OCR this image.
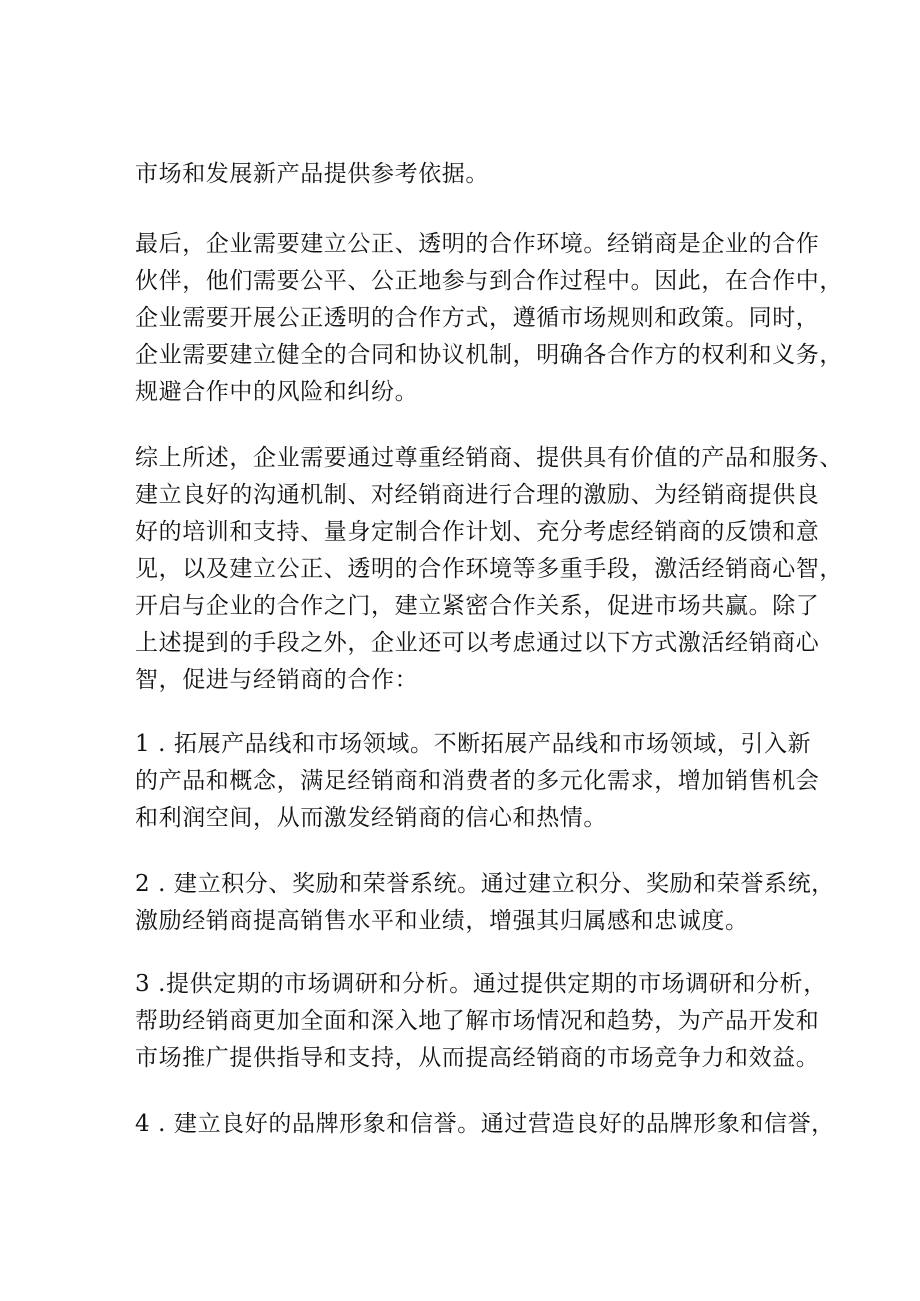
市场和发展新产品提供参考依据。
最后，企业需要建立公正、透明的合作环境。经销商是企业的合作
伙伴，他们需要公平、公正地参与到合作过程中。因此，在合作中，
企业需要开展公正透明的合作方式，遵循市场规则和政策。同时，
企业需要建立健全的合同和协议机制，明确各合作方的权利和义务，
规避合作中的风险和纠纷。
综上所述，企业需要通过尊重经销商、提供具有价值的产品和服务、
建立良好的沟通机制、对经销商进行合理的激励、为经销商提供良
好的培训和支持、量身定制合作计划、充分考虑经销商的反馈和意
见，以及建立公正、透明的合作环境等多重手段，激活经销商心智，
开启与企业的合作之门，建立紧密合作关系，促进市场共赢。除了
上述提到的手段之外，企业还可以考虑通过以下方式激活经销商心
智，促进与经销商的合作：
1 . 拓展产品线和市场领域。不断拓展产品线和市场领域，引入新
的产品和概念，满足经销商和消费者的多元化需求，增加销售机会
和利润空间，从而激发经销商的信心和热情。
2 . 建立积分、奖励和荣誉系统。通过建立积分、奖励和荣誉系统，
激励经销商提高销售水平和业绩，增强其归属感和忠诚度。
3 .提供定期的市场调研和分析。通过提供定期的市场调研和分析，
帮助经销商更加全面和深入地了解市场情况和趋势，为产品开发和
市场推广提供指导和支持，从而提高经销商的市场竞争力和效益。
4 . 建立良好的品牌形象和信誉。通过营造良好的品牌形象和信誉，
